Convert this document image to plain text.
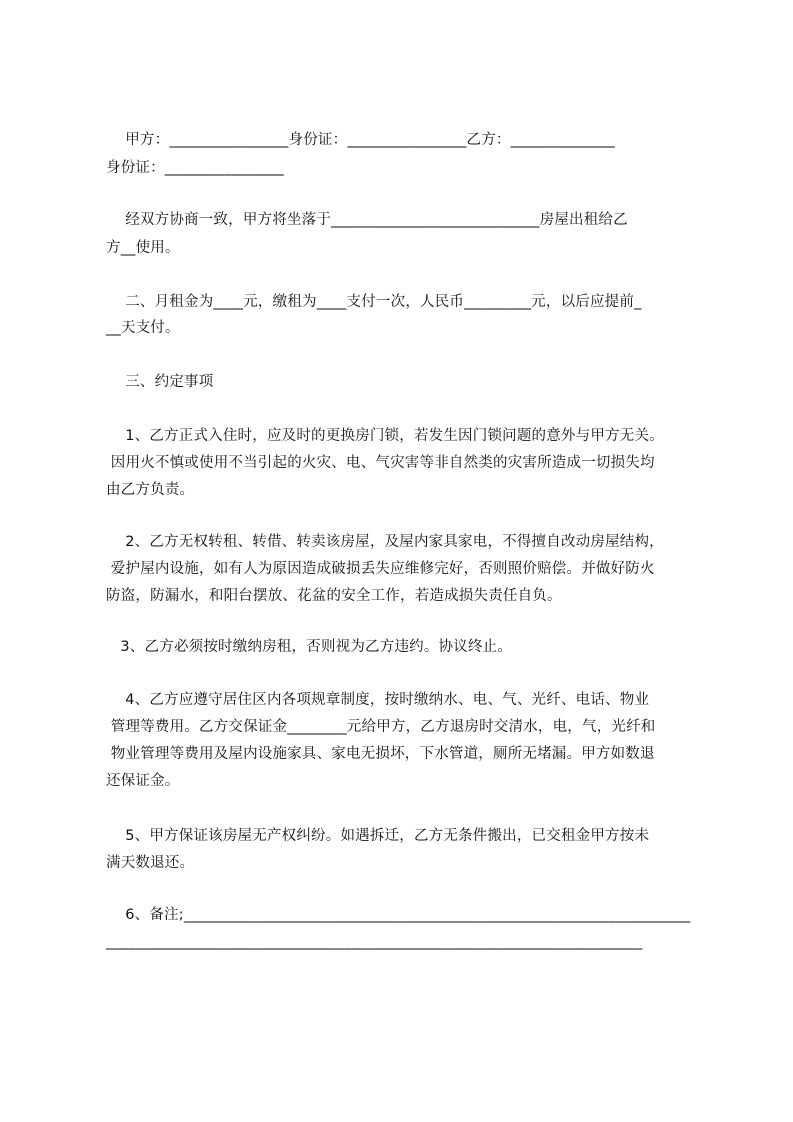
甲方：________________身份证：________________乙方：______________
身份证：________________
经双方协商一致，甲方将坐落于____________________________房屋出租给乙
方__使用。
二、月租金为____元，缴租为____支付一次，人民币_________元，以后应提前_
__天支付。
三、约定事项
1、乙方正式入住时，应及时的更换房门锁，若发生因门锁问题的意外与甲方无关。
因用火不慎或使用不当引起的火灾、电、气灾害等非自然类的灾害所造成一切损失均
由乙方负责。
2、乙方无权转租、转借、转卖该房屋，及屋内家具家电，不得擅自改动房屋结构，
爱护屋内设施，如有人为原因造成破损丢失应维修完好，否则照价赔偿。并做好防火
防盗，防漏水，和阳台摆放、花盆的安全工作，若造成损失责任自负。
3、乙方必须按时缴纳房租，否则视为乙方违约。协议终止。
4、乙方应遵守居住区内各项规章制度，按时缴纳水、电、气、光纤、电话、物业
管理等费用。乙方交保证金________元给甲方，乙方退房时交清水，电，气，光纤和
物业管理等费用及屋内设施家具、家电无损坏，下水管道，厕所无堵漏。甲方如数退
还保证金。
5、甲方保证该房屋无产权纠纷。如遇拆迁，乙方无条件搬出，已交租金甲方按未
满天数退还。
6、备注;____________________________________________________________________
________________________________________________________________________
